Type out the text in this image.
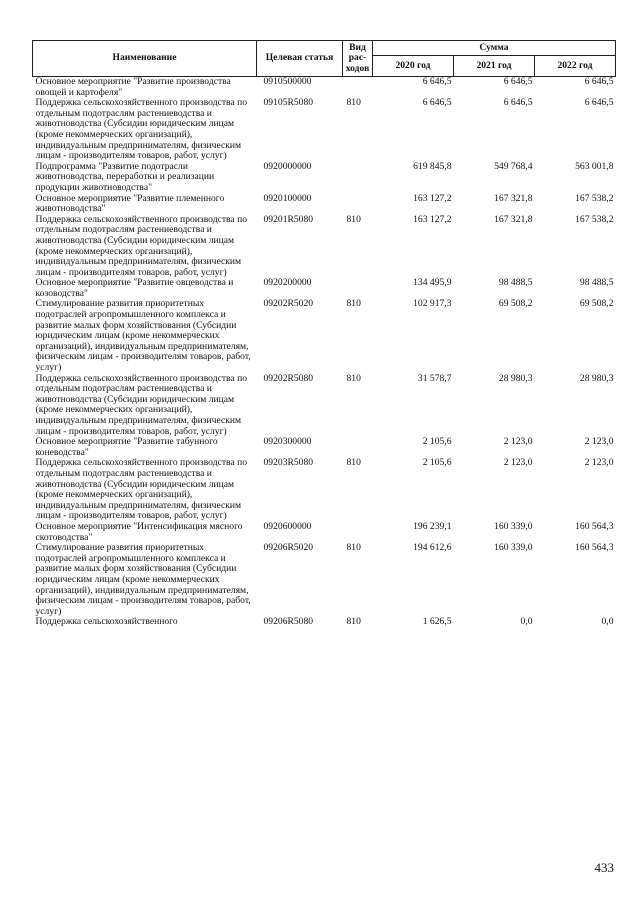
Наименование	Целевая статья	Вид рас-ходов	Сумма		
			2020 год	2021 год	2022 год
Основное мероприятие "Развитие производства овощей и картофеля"	0910500000		6 646,5	6 646,5	6 646,5
Поддержка сельскохозяйственного производства по отдельным подотраслям растениеводства и животноводства (Субсидии юридическим лицам (кроме некоммерческих организаций), индивидуальным предпринимателям, физическим лицам - производителям товаров, работ, услуг)	09105R5080	810	6 646,5	6 646,5	6 646,5
Подпрограмма "Развитие подотрасли животноводства, переработки и реализации продукции животноводства"	0920000000		619 845,8	549 768,4	563 001,8
Основное мероприятие "Развитие племенного животноводства"	0920100000		163 127,2	167 321,8	167 538,2
Поддержка сельскохозяйственного производства по отдельным подотраслям растениеводства и животноводства (Субсидии юридическим лицам (кроме некоммерческих организаций), индивидуальным предпринимателям, физическим лицам - производителям товаров, работ, услуг)	09201R5080	810	163 127,2	167 321,8	167 538,2
Основное мероприятие "Развитие овцеводства и козоводства"	0920200000		134 495,9	98 488,5	98 488,5
Стимулирование развития приоритетных подотраслей агропромышленного комплекса и развитие малых форм хозяйствования (Субсидии юридическим лицам (кроме некоммерческих организаций), индивидуальным предпринимателям, физическим лицам - производителям товаров, работ, услуг)	09202R5020	810	102 917,3	69 508,2	69 508,2
Поддержка сельскохозяйственного производства по отдельным подотраслям растениеводства и животноводства (Субсидии юридическим лицам (кроме некоммерческих организаций), индивидуальным предпринимателям, физическим лицам - производителям товаров, работ, услуг)	09202R5080	810	31 578,7	28 980,3	28 980,3
Основное мероприятие "Развитие табунного коневодства"	0920300000		2 105,6	2 123,0	2 123,0
Поддержка сельскохозяйственного производства по отдельным подотраслям растениеводства и животноводства (Субсидии юридическим лицам (кроме некоммерческих организаций), индивидуальным предпринимателям, физическим лицам - производителям товаров, работ, услуг)	09203R5080	810	2 105,6	2 123,0	2 123,0
Основное мероприятие "Интенсификация мясного скотоводства"	0920600000		196 239,1	160 339,0	160 564,3
Стимулирование развития приоритетных подотраслей агропромышленного комплекса и развитие малых форм хозяйствования (Субсидии юридическим лицам (кроме некоммерческих организаций), индивидуальным предпринимателям, физическим лицам - производителям товаров, работ, услуг)	09206R5020	810	194 612,6	160 339,0	160 564,3
Поддержка сельскохозяйственного	09206R5080	810	1 626,5	0,0	0,0
433
